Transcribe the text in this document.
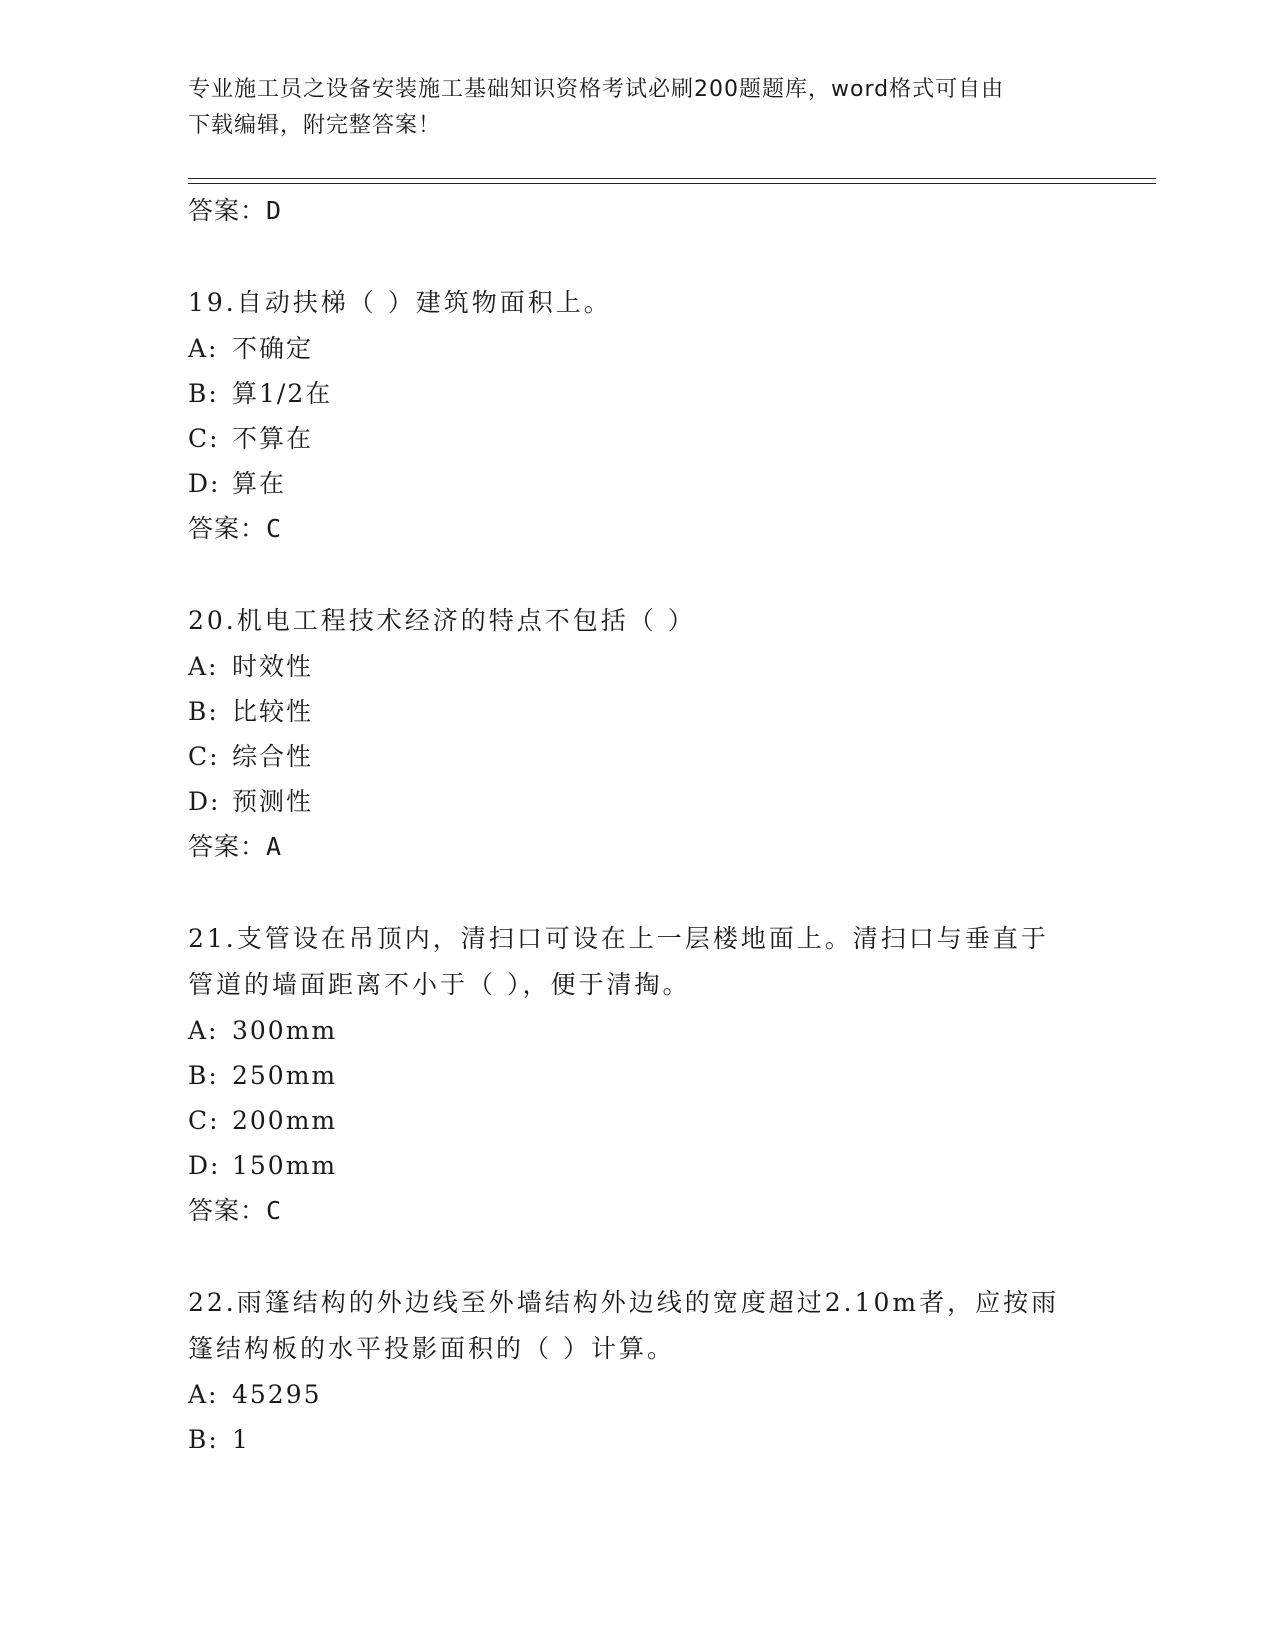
专业施工员之设备安装施工基础知识资格考试必刷200题题库，word格式可自由
下载编辑，附完整答案！
答案：D
19.自动扶梯（ ）建筑物面积上。
A: 不确定
B: 算1/2在
C: 不算在
D: 算在
答案：C
20.机电工程技术经济的特点不包括（ ）
A: 时效性
B: 比较性
C: 综合性
D: 预测性
答案：A
21.支管设在吊顶内，清扫口可设在上一层楼地面上。清扫口与垂直于
管道的墙面距离不小于（ ），便于清掏。
A: 300mm
B: 250mm
C: 200mm
D: 150mm
答案：C
22.雨篷结构的外边线至外墙结构外边线的宽度超过2.10m者，应按雨
篷结构板的水平投影面积的（ ）计算。
A: 45295
B: 1
